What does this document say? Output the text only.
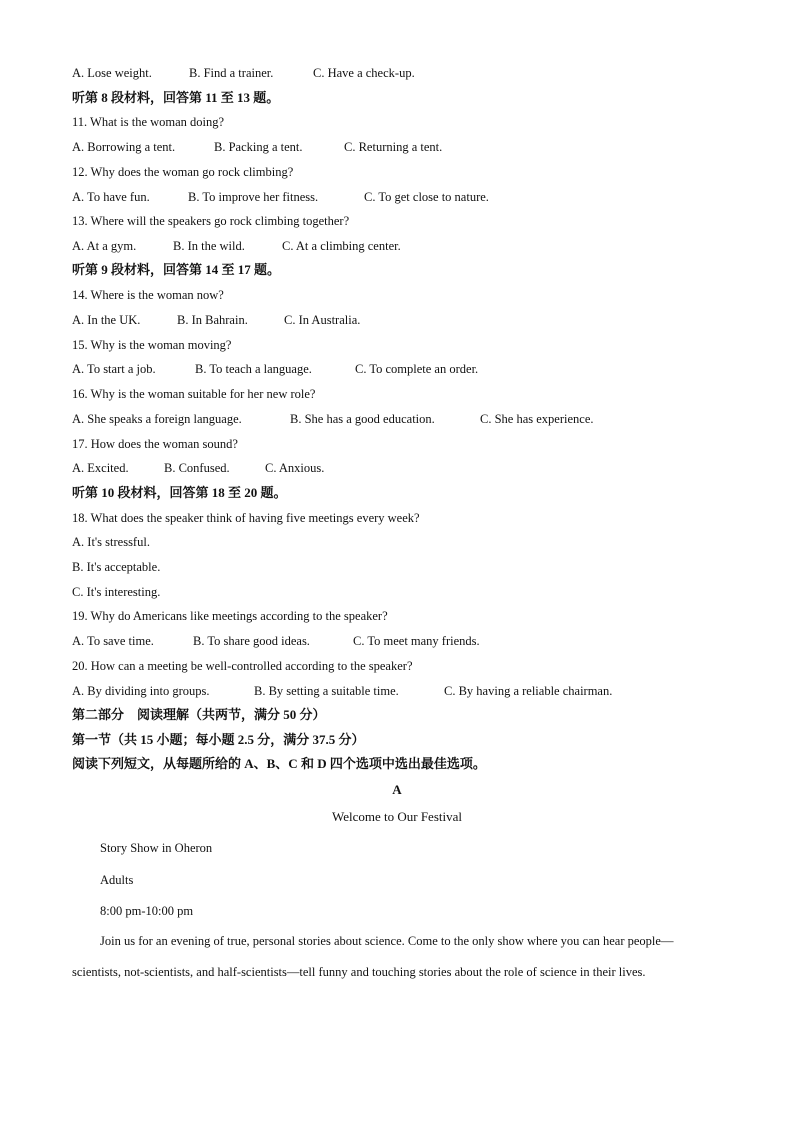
A. Lose weight.	B. Find a trainer.	C. Have a check-up.
听第 8 段材料，回答第 11 至 13 题。
11. What is the woman doing?
A. Borrowing a tent.	B. Packing a tent.	C. Returning a tent.
12. Why does the woman go rock climbing?
A. To have fun.	B. To improve her fitness.	C. To get close to nature.
13. Where will the speakers go rock climbing together?
A. At a gym.	B. In the wild.	C. At a climbing center.
听第 9 段材料，回答第 14 至 17 题。
14. Where is the woman now?
A. In the UK.	B. In Bahrain.	C. In Australia.
15. Why is the woman moving?
A. To start a job.	B. To teach a language.	C. To complete an order.
16. Why is the woman suitable for her new role?
A. She speaks a foreign language.	B. She has a good education.	C. She has experience.
17. How does the woman sound?
A. Excited.	B. Confused.	C. Anxious.
听第 10 段材料，回答第 18 至 20 题。
18. What does the speaker think of having five meetings every week?
A. It's stressful.
B. It's acceptable.
C. It's interesting.
19. Why do Americans like meetings according to the speaker?
A. To save time.	B. To share good ideas.	C. To meet many friends.
20. How can a meeting be well-controlled according to the speaker?
A. By dividing into groups.	B. By setting a suitable time.	C. By having a reliable chairman.
第二部分　阅读理解（共两节，满分 50 分）
第一节（共 15 小题；每小题 2.5 分，满分 37.5 分）
阅读下列短文，从每题所给的 A、B、C 和 D 四个选项中选出最佳选项。
A
Welcome to Our Festival
Story Show in Oheron
Adults
8:00 pm-10:00 pm
Join us for an evening of true, personal stories about science. Come to the only show where you can hear people—scientists, not-scientists, and half-scientists—tell funny and touching stories about the role of science in their lives.
